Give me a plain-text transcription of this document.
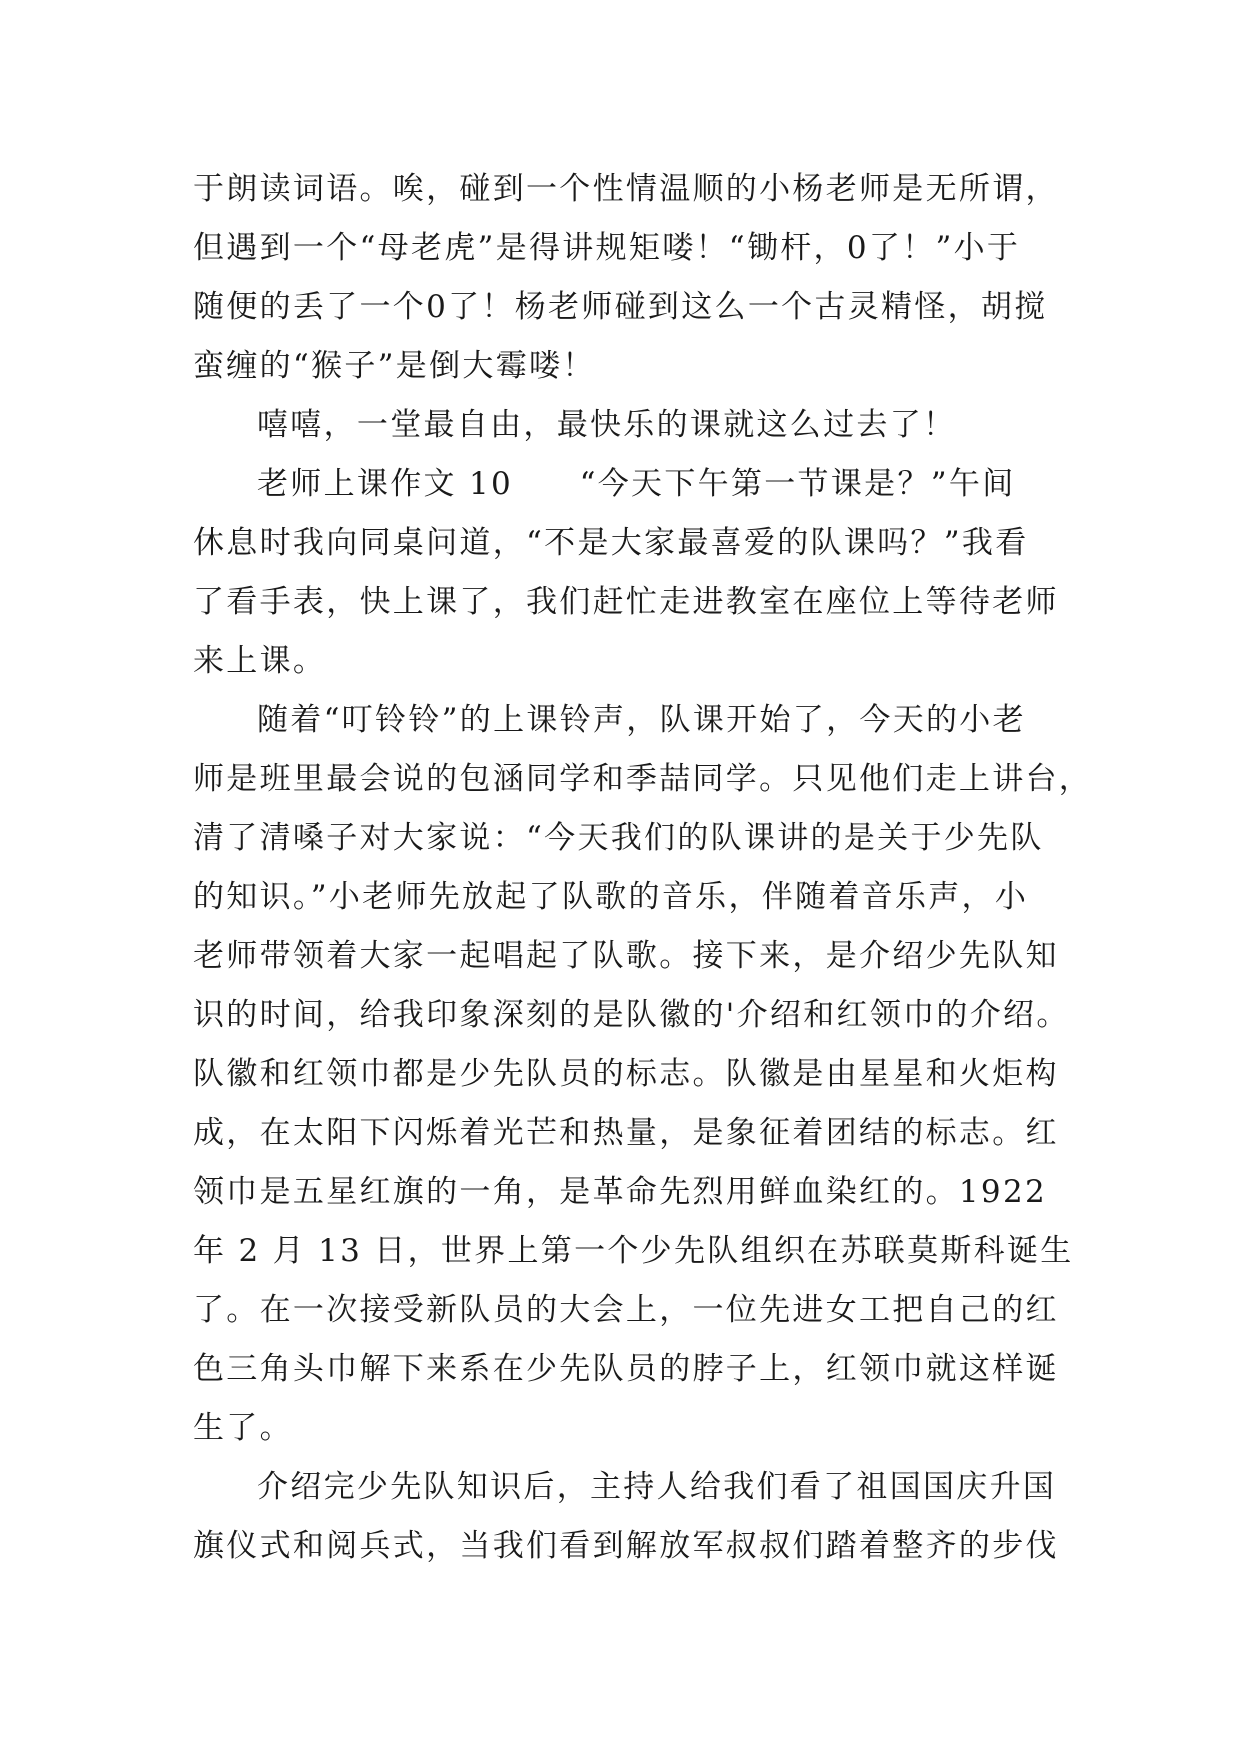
于朗读词语。唉，碰到一个性情温顺的小杨老师是无所谓，
但遇到一个“母老虎”是得讲规矩喽！“锄杆，0了！”小于
随便的丢了一个0了！杨老师碰到这么一个古灵精怪，胡搅
蛮缠的“猴子”是倒大霉喽！
嘻嘻，一堂最自由，最快乐的课就这么过去了！
老师上课作文 10　　“今天下午第一节课是？”午间
休息时我向同桌问道，“不是大家最喜爱的队课吗？”我看
了看手表，快上课了，我们赶忙走进教室在座位上等待老师
来上课。
随着“叮铃铃”的上课铃声，队课开始了，今天的小老
师是班里最会说的包涵同学和季喆同学。只见他们走上讲台，
清了清嗓子对大家说：“今天我们的队课讲的是关于少先队
的知识。”小老师先放起了队歌的音乐，伴随着音乐声，小
老师带领着大家一起唱起了队歌。接下来，是介绍少先队知
识的时间，给我印象深刻的是队徽的'介绍和红领巾的介绍。
队徽和红领巾都是少先队员的标志。队徽是由星星和火炬构
成，在太阳下闪烁着光芒和热量，是象征着团结的标志。红
领巾是五星红旗的一角，是革命先烈用鲜血染红的。1922
年 2 月 13 日，世界上第一个少先队组织在苏联莫斯科诞生
了。在一次接受新队员的大会上，一位先进女工把自己的红
色三角头巾解下来系在少先队员的脖子上，红领巾就这样诞
生了。
介绍完少先队知识后，主持人给我们看了祖国国庆升国
旗仪式和阅兵式，当我们看到解放军叔叔们踏着整齐的步伐
